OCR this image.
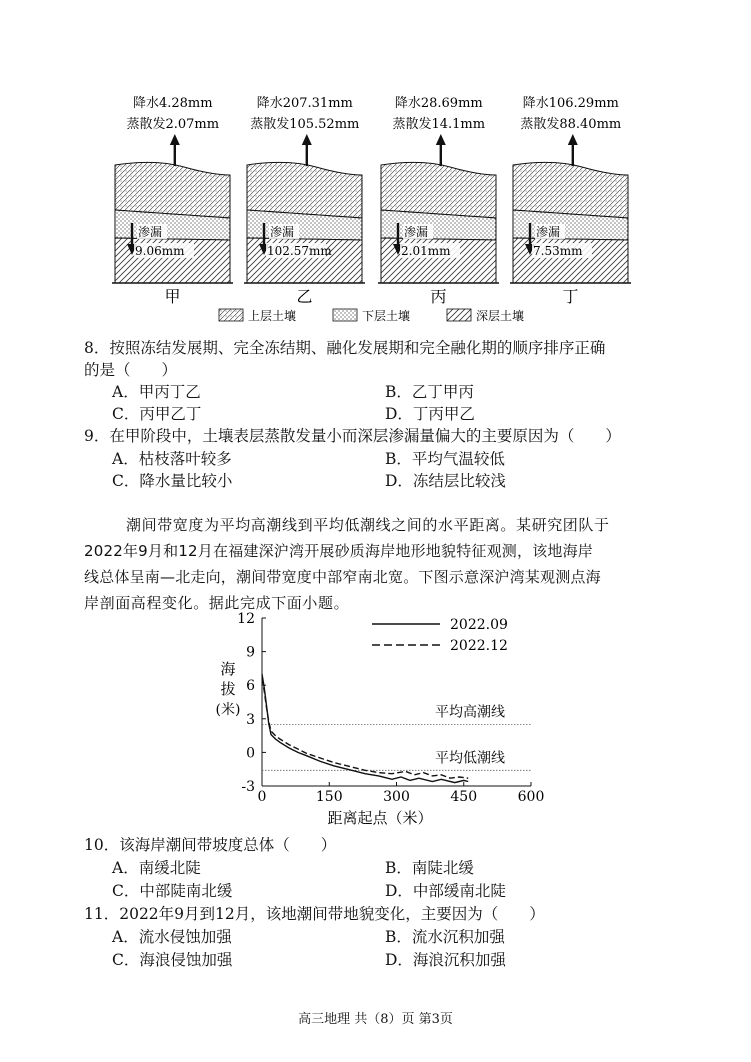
降水4.28mm
蒸散发2.07mm
渗漏
9.06mm
甲
降水207.31mm
蒸散发105.52mm
渗漏
102.57mm
乙
降水28.69mm
蒸散发14.1mm
渗漏
2.01mm
丙
降水106.29mm
蒸散发88.40mm
渗漏
7.53mm
丁
上层土壤	下层土壤	深层土壤
8．按照冻结发展期、完全冻结期、融化发展期和完全融化期的顺序排序正确
的是（　　）
A．甲丙丁乙	B．乙丁甲丙
C．丙甲乙丁	D．丁丙甲乙
9．在甲阶段中，土壤表层蒸散发量小而深层渗漏量偏大的主要原因为（　　）
A．枯枝落叶较多	B．平均气温较低
C．降水量比较小	D．冻结层比较浅
潮间带宽度为平均高潮线到平均低潮线之间的水平距离。某研究团队于
2022年9月和12月在福建深沪湾开展砂质海岸地形地貌特征观测，该地海岸
线总体呈南—北走向，潮间带宽度中部窄南北宽。下图示意深沪湾某观测点海
岸剖面高程变化。据此完成下面小题。
0	150	300	450	600
12
9
6
3
0
-3
平均高潮线
平均低潮线
2022.09
2022.12
海
拔
(米)
距离起点（米）
10．该海岸潮间带坡度总体（　　）
A．南缓北陡	B．南陡北缓
C．中部陡南北缓	D．中部缓南北陡
11．2022年9月到12月，该地潮间带地貌变化，主要因为（　　）
A．流水侵蚀加强	B．流水沉积加强
C．海浪侵蚀加强	D．海浪沉积加强
高三地理 共（8）页 第3页
